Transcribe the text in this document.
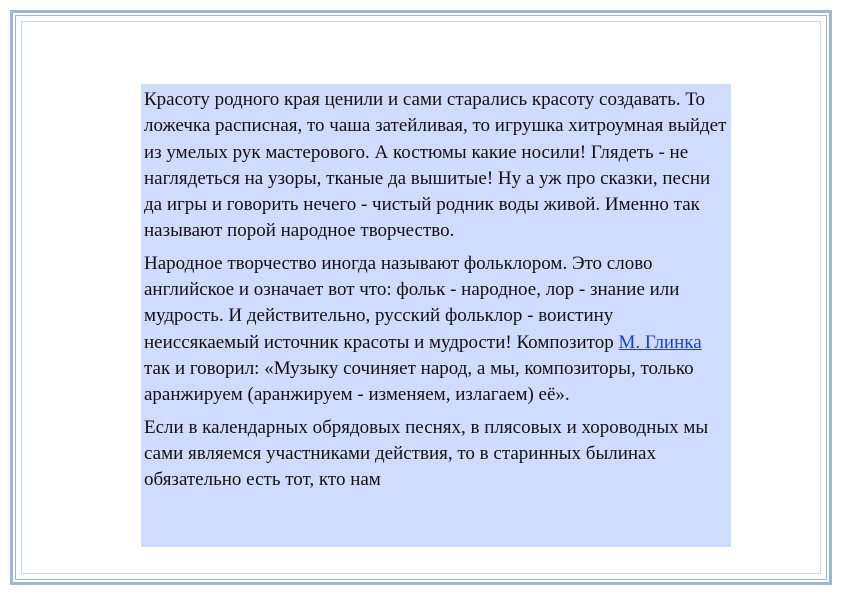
Красоту родного края ценили и сами старались красоту создавать. То ложечка расписная, то чаша затейливая, то игрушка хитроумная выйдет из умелых рук мастерового. А костюмы какие носили! Глядеть - не наглядеться на узоры, тканые да вышитые! Ну а уж про сказки, песни да игры и говорить нечего - чистый родник воды живой. Именно так называют порой народное творчество.

Народное творчество иногда называют фольклором. Это слово английское и означает вот что: фольк - народное, лор - знание или мудрость. И действительно, русский фольклор - воистину неиссякаемый источник красоты и мудрости! Композитор М. Глинка так и говорил: «Музыку сочиняет народ, а мы, композиторы, только аранжируем (аранжируем - изменяем, излагаем) её».

Если в календарных обрядовых песнях, в плясовых и хороводных мы сами являемся участниками действия, то в старинных былинах обязательно есть тот, кто нам
